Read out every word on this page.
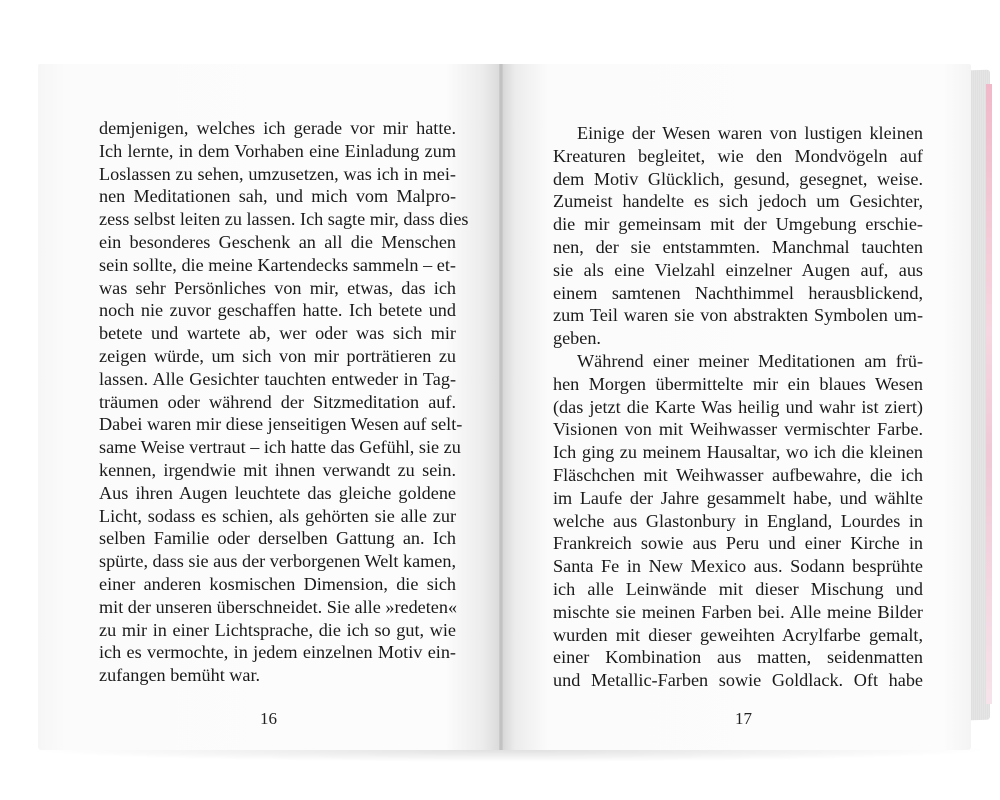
demjenigen, welches ich gerade vor mir hatte.
Ich lernte, in dem Vorhaben eine Einladung zum
Loslassen zu sehen, umzusetzen, was ich in mei-
nen Meditationen sah, und mich vom Malpro-
zess selbst leiten zu lassen. Ich sagte mir, dass dies
ein besonderes Geschenk an all die Menschen
sein sollte, die meine Kartendecks sammeln – et-
was sehr Persönliches von mir, etwas, das ich
noch nie zuvor geschaffen hatte. Ich betete und
betete und wartete ab, wer oder was sich mir
zeigen würde, um sich von mir porträtieren zu
lassen. Alle Gesichter tauchten entweder in Tag-
träumen oder während der Sitzmeditation auf.
Dabei waren mir diese jenseitigen Wesen auf selt-
same Weise vertraut – ich hatte das Gefühl, sie zu
kennen, irgendwie mit ihnen verwandt zu sein.
Aus ihren Augen leuchtete das gleiche goldene
Licht, sodass es schien, als gehörten sie alle zur
selben Familie oder derselben Gattung an. Ich
spürte, dass sie aus der verborgenen Welt kamen,
einer anderen kosmischen Dimension, die sich
mit der unseren überschneidet. Sie alle »redeten«
zu mir in einer Lichtsprache, die ich so gut, wie
ich es vermochte, in jedem einzelnen Motiv ein-
zufangen bemüht war.
16
Einige der Wesen waren von lustigen kleinen
Kreaturen begleitet, wie den Mondvögeln auf
dem Motiv Glücklich, gesund, gesegnet, weise.
Zumeist handelte es sich jedoch um Gesichter,
die mir gemeinsam mit der Umgebung erschie-
nen, der sie entstammten. Manchmal tauchten
sie als eine Vielzahl einzelner Augen auf, aus
einem samtenen Nachthimmel herausblickend,
zum Teil waren sie von abstrakten Symbolen um-
geben.
Während einer meiner Meditationen am frü-
hen Morgen übermittelte mir ein blaues Wesen
(das jetzt die Karte Was heilig und wahr ist ziert)
Visionen von mit Weihwasser vermischter Farbe.
Ich ging zu meinem Hausaltar, wo ich die kleinen
Fläschchen mit Weihwasser aufbewahre, die ich
im Laufe der Jahre gesammelt habe, und wählte
welche aus Glastonbury in England, Lourdes in
Frankreich sowie aus Peru und einer Kirche in
Santa Fe in New Mexico aus. Sodann besprühte
ich alle Leinwände mit dieser Mischung und
mischte sie meinen Farben bei. Alle meine Bilder
wurden mit dieser geweihten Acrylfarbe gemalt,
einer Kombination aus matten, seidenmatten
und Metallic-Farben sowie Goldlack. Oft habe
17
